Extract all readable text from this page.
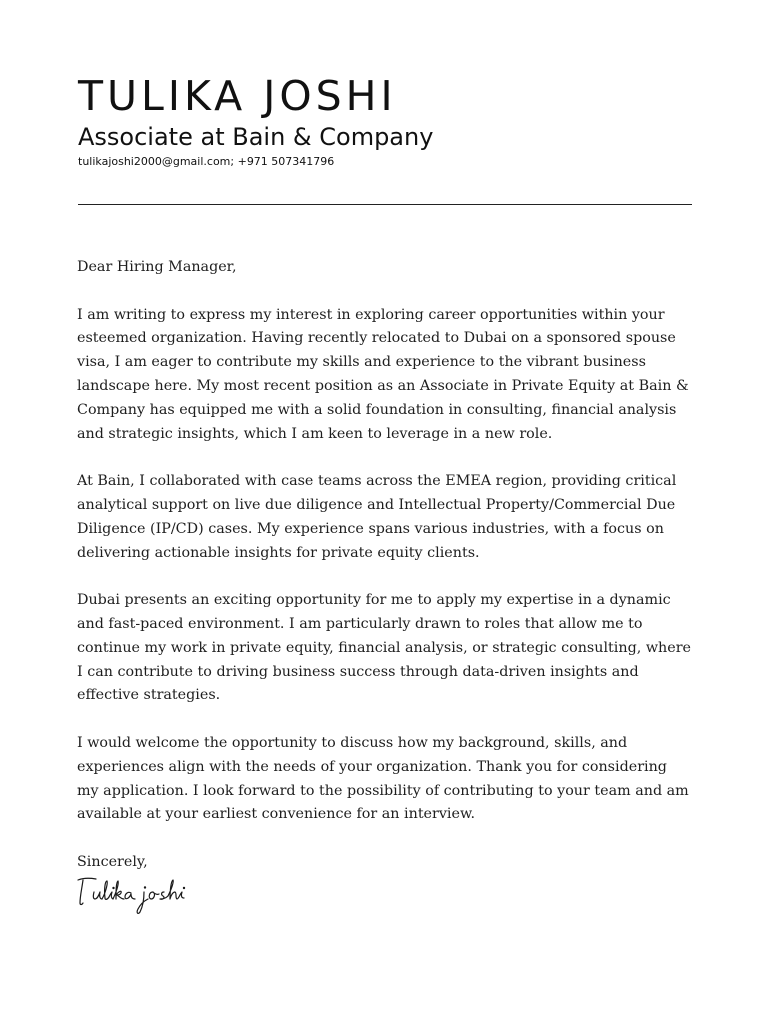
TULIKA JOSHI
Associate at Bain & Company
tulikajoshi2000@gmail.com; +971 507341796

Dear Hiring Manager,

I am writing to express my interest in exploring career opportunities within your esteemed organization. Having recently relocated to Dubai on a sponsored spouse visa, I am eager to contribute my skills and experience to the vibrant business landscape here. My most recent position as an Associate in Private Equity at Bain & Company has equipped me with a solid foundation in consulting, financial analysis and strategic insights, which I am keen to leverage in a new role.

At Bain, I collaborated with case teams across the EMEA region, providing critical analytical support on live due diligence and Intellectual Property/Commercial Due Diligence (IP/CD) cases. My experience spans various industries, with a focus on delivering actionable insights for private equity clients.

Dubai presents an exciting opportunity for me to apply my expertise in a dynamic and fast-paced environment. I am particularly drawn to roles that allow me to continue my work in private equity, financial analysis, or strategic consulting, where I can contribute to driving business success through data-driven insights and effective strategies.

I would welcome the opportunity to discuss how my background, skills, and experiences align with the needs of your organization. Thank you for considering my application. I look forward to the possibility of contributing to your team and am available at your earliest convenience for an interview.

Sincerely,
